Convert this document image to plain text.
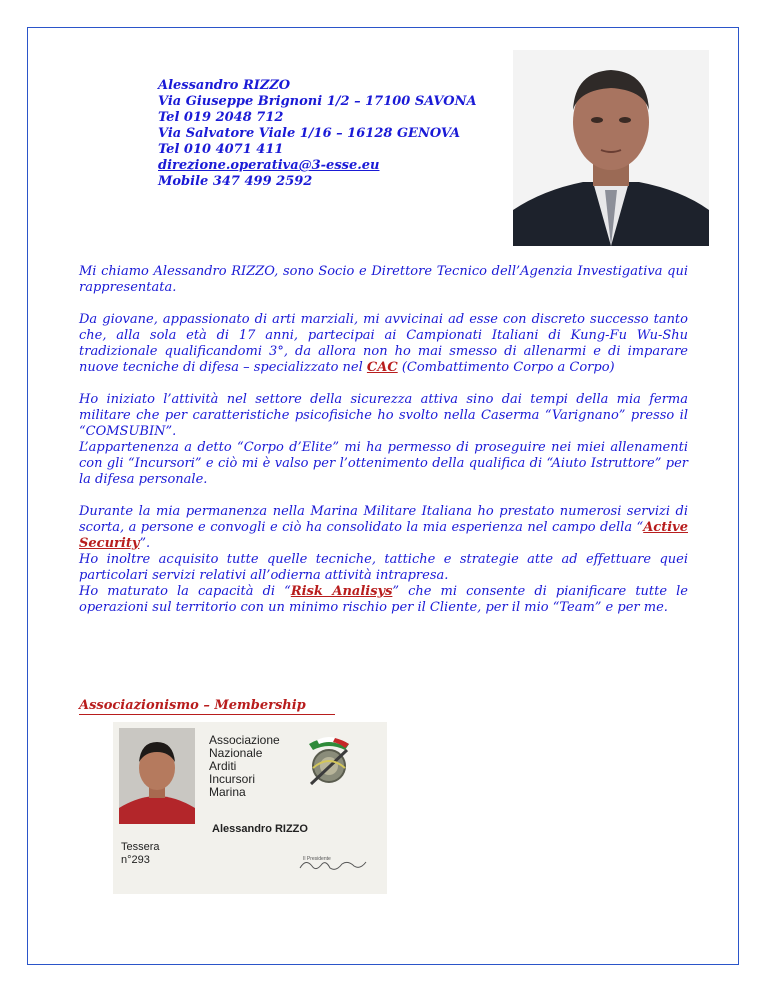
Alessandro RIZZO
Via Giuseppe Brignoni 1/2 – 17100 SAVONA
Tel 019 2048 712
Via Salvatore Viale 1/16 – 16128 GENOVA
Tel 010 4071 411
direzione.operativa@3-esse.eu
Mobile 347 499 2592

Mi chiamo Alessandro RIZZO, sono Socio e Direttore Tecnico dell’Agenzia Investigativa qui rappresentata.

Da giovane, appassionato di arti marziali, mi avvicinai ad esse con discreto successo tanto che, alla sola età di 17 anni, partecipai ai Campionati Italiani di Kung-Fu Wu-Shu tradizionale qualificandomi 3°, da allora non ho mai smesso di allenarmi e di imparare nuove tecniche di difesa – specializzato nel CAC (Combattimento Corpo a Corpo)

Ho iniziato l’attività nel settore della sicurezza attiva sino dai tempi della mia ferma militare che per caratteristiche psicofisiche ho svolto nella Caserma “Varignano” presso il “COMSUBIN”.
L’appartenenza a detto “Corpo d’Elite” mi ha permesso di proseguire nei miei allenamenti con gli “Incursori” e ciò mi è valso per l’ottenimento della qualifica di “Aiuto Istruttore” per la difesa personale.

Durante la mia permanenza nella Marina Militare Italiana ho prestato numerosi servizi di scorta, a persone e convogli e ciò ha consolidato la mia esperienza nel campo della “Active Security”.
Ho inoltre acquisito tutte quelle tecniche, tattiche e strategie atte ad effettuare quei particolari servizi relativi all’odierna attività intrapresa.
Ho maturato la capacità di “Risk Analisys” che mi consente di pianificare tutte le operazioni sul territorio con un minimo rischio per il Cliente, per il mio “Team” e per me.

Associazionismo – Membership
Associazione
Nazionale
Arditi
Incursori
Marina
Alessandro RIZZO
Tessera
n°293	Il Presidente
